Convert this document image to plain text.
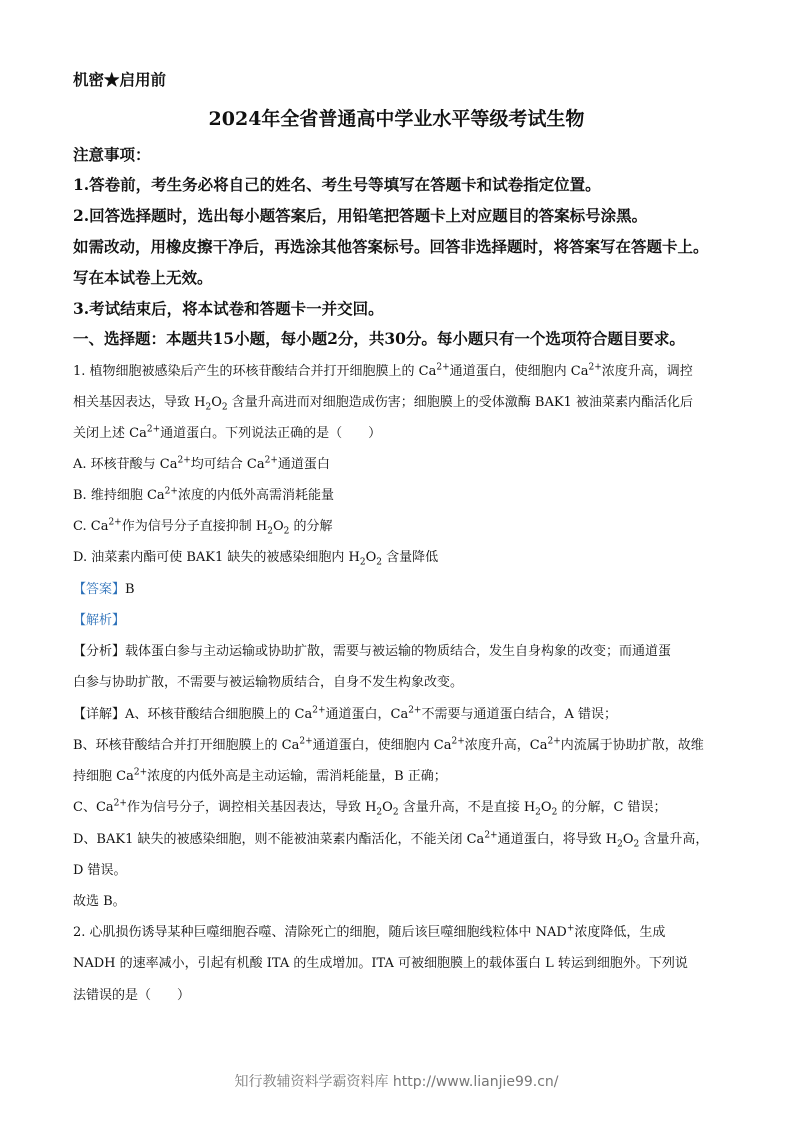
机密★启用前
2024年全省普通高中学业水平等级考试生物
注意事项：
1.答卷前，考生务必将自己的姓名、考生号等填写在答题卡和试卷指定位置。
2.回答选择题时，选出每小题答案后，用铅笔把答题卡上对应题目的答案标号涂黑。
如需改动，用橡皮擦干净后，再选涂其他答案标号。回答非选择题时，将答案写在答题卡上。
写在本试卷上无效。
3.考试结束后，将本试卷和答题卡一并交回。
一、选择题：本题共15小题，每小题2分，共30分。每小题只有一个选项符合题目要求。
1. 植物细胞被感染后产生的环核苷酸结合并打开细胞膜上的 $Ca^{2+}$通道蛋白，使细胞内 $Ca^{2+}$浓度升高，调控
相关基因表达，导致 $H_2O_2$ 含量升高进而对细胞造成伤害；细胞膜上的受体激酶 BAK1 被油菜素内酯活化后
关闭上述 $Ca^{2+}$通道蛋白。下列说法正确的是（　　）
A. 环核苷酸与 $Ca^{2+}$均可结合 $Ca^{2+}$通道蛋白
B. 维持细胞 $Ca^{2+}$浓度的内低外高需消耗能量
C. $Ca^{2+}$作为信号分子直接抑制 $H_2O_2$ 的分解
D. 油菜素内酯可使 BAK1 缺失的被感染细胞内 $H_2O_2$ 含量降低
【答案】B
【解析】
【分析】载体蛋白参与主动运输或协助扩散，需要与被运输的物质结合，发生自身构象的改变；而通道蛋
白参与协助扩散，不需要与被运输物质结合，自身不发生构象改变。
【详解】A、环核苷酸结合细胞膜上的 $Ca^{2+}$通道蛋白，$Ca^{2+}$不需要与通道蛋白结合，A 错误；
B、环核苷酸结合并打开细胞膜上的 $Ca^{2+}$通道蛋白，使细胞内 $Ca^{2+}$浓度升高，$Ca^{2+}$内流属于协助扩散，故维
持细胞 $Ca^{2+}$浓度的内低外高是主动运输，需消耗能量，B 正确；
C、$Ca^{2+}$作为信号分子，调控相关基因表达，导致 $H_2O_2$ 含量升高，不是直接 $H_2O_2$ 的分解，C 错误；
D、BAK1 缺失的被感染细胞，则不能被油菜素内酯活化，不能关闭 $Ca^{2+}$通道蛋白，将导致 $H_2O_2$ 含量升高，
D 错误。
故选 B。
2. 心肌损伤诱导某种巨噬细胞吞噬、清除死亡的细胞，随后该巨噬细胞线粒体中 NAD+浓度降低，生成
NADH 的速率减小，引起有机酸 ITA 的生成增加。ITA 可被细胞膜上的载体蛋白 L 转运到细胞外。下列说
法错误的是（　　）
知行教辅资料学霸资料库 http://www.lianjie99.cn/
